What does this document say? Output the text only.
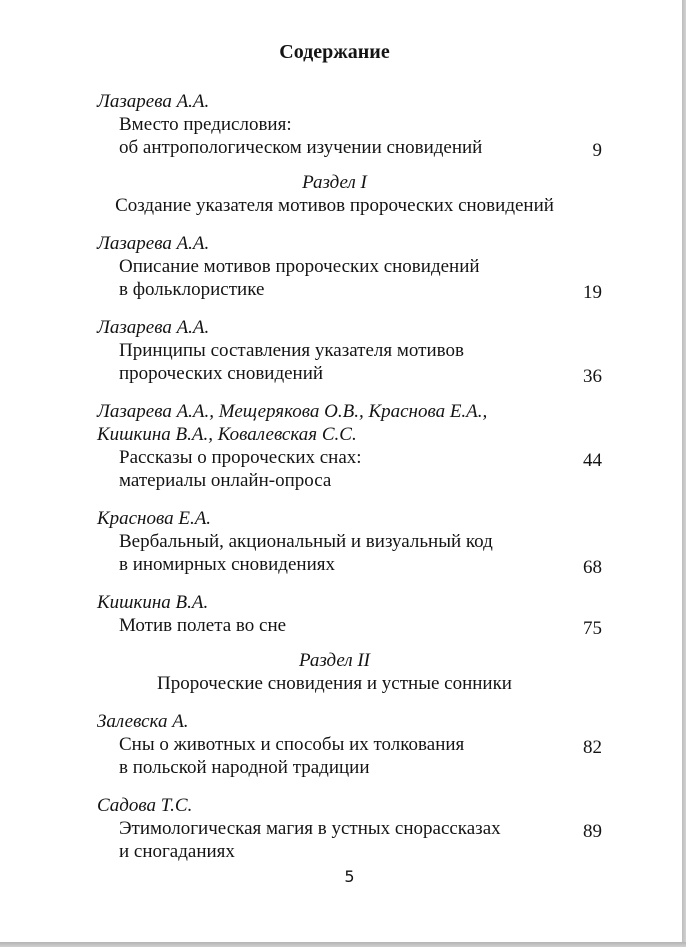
Содержание
Лазарева А.А.
Вместо предисловия:
об антропологическом изучении сновидений	9
Раздел I
Создание указателя мотивов пророческих сновидений
Лазарева А.А.
Описание мотивов пророческих сновидений
в фольклористике	19
Лазарева А.А.
Принципы составления указателя мотивов
пророческих сновидений	36
Лазарева А.А., Мещерякова О.В., Краснова Е.А.,
Кишкина В.А., Ковалевская С.С.
Рассказы о пророческих снах:	44
материалы онлайн-опроса
Краснова Е.А.
Вербальный, акциональный и визуальный код
в иномирных сновидениях	68
Кишкина В.А.
Мотив полета во сне	75
Раздел II
Пророческие сновидения и устные сонники
Залевска А.
Сны о животных и способы их толкования	82
в польской народной традиции
Садова Т.С.
Этимологическая магия в устных снорассказах	89
и сногаданиях
5
